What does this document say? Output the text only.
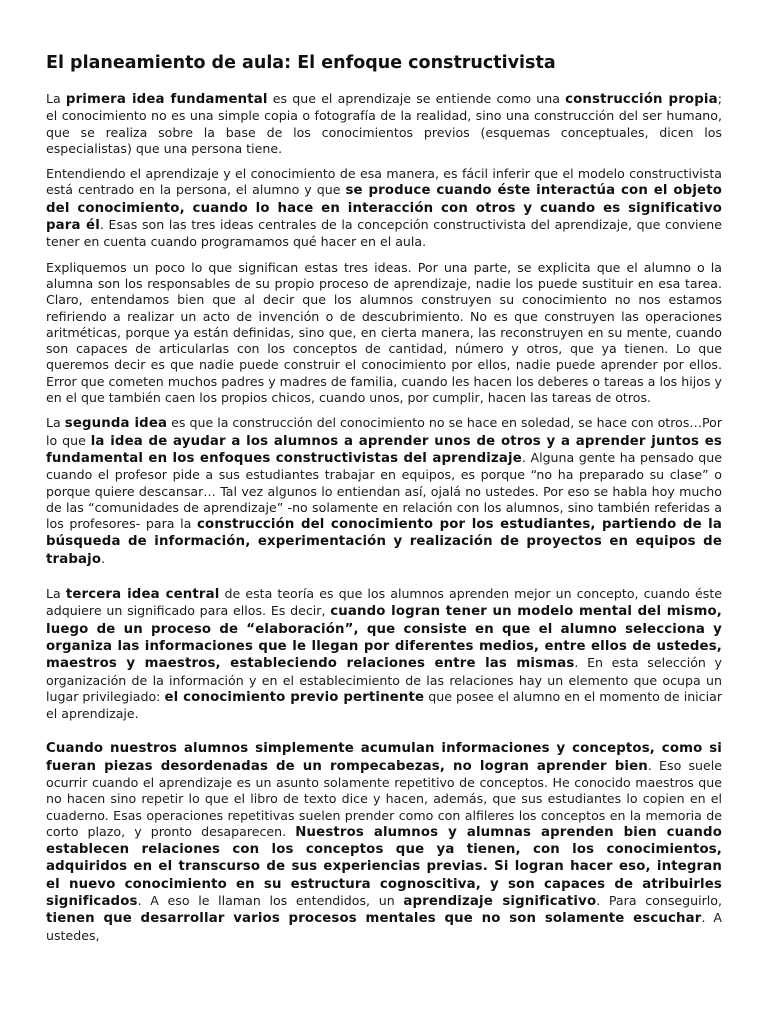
El planeamiento de aula: El enfoque constructivista

La primera idea fundamental es que el aprendizaje se entiende como una construcción propia; el conocimiento no es una simple copia o fotografía de la realidad, sino una construcción del ser humano, que se realiza sobre la base de los conocimientos previos (esquemas conceptuales, dicen los especialistas) que una persona tiene.

Entendiendo el aprendizaje y el conocimiento de esa manera, es fácil inferir que el modelo constructivista está centrado en la persona, el alumno y que se produce cuando éste interactúa con el objeto del conocimiento, cuando lo hace en interacción con otros y cuando es significativo para él. Esas son las tres ideas centrales de la concepción constructivista del aprendizaje, que conviene tener en cuenta cuando programamos qué hacer en el aula.

Expliquemos un poco lo que significan estas tres ideas. Por una parte, se explicita que el alumno o la alumna son los responsables de su propio proceso de aprendizaje, nadie los puede sustituir en esa tarea. Claro, entendamos bien que al decir que los alumnos construyen su conocimiento no nos estamos refiriendo a realizar un acto de invención o de descubrimiento. No es que construyen las operaciones aritméticas, porque ya están definidas, sino que, en cierta manera, las reconstruyen en su mente, cuando son capaces de articularlas con los conceptos de cantidad, número y otros, que ya tienen. Lo que queremos decir es que nadie puede construir el conocimiento por ellos, nadie puede aprender por ellos. Error que cometen muchos padres y madres de familia, cuando les hacen los deberes o tareas a los hijos y en el que también caen los propios chicos, cuando unos, por cumplir, hacen las tareas de otros.

La segunda idea es que la construcción del conocimiento no se hace en soledad, se hace con otros…Por lo que la idea de ayudar a los alumnos a aprender unos de otros y a aprender juntos es fundamental en los enfoques constructivistas del aprendizaje. Alguna gente ha pensado que cuando el profesor pide a sus estudiantes trabajar en equipos, es porque “no ha preparado su clase” o porque quiere descansar… Tal vez algunos lo entiendan así, ojalá no ustedes. Por eso se habla hoy mucho de las “comunidades de aprendizaje” -no solamente en relación con los alumnos, sino también referidas a los profesores- para la construcción del conocimiento por los estudiantes, partiendo de la búsqueda de información, experimentación y realización de proyectos en equipos de trabajo.

La tercera idea central de esta teoría es que los alumnos aprenden mejor un concepto, cuando éste adquiere un significado para ellos. Es decir, cuando logran tener un modelo mental del mismo, luego de un proceso de “elaboración”, que consiste en que el alumno selecciona y organiza las informaciones que le llegan por diferentes medios, entre ellos de ustedes, maestros y maestros, estableciendo relaciones entre las mismas. En esta selección y organización de la información y en el establecimiento de las relaciones hay un elemento que ocupa un lugar privilegiado: el conocimiento previo pertinente que posee el alumno en el momento de iniciar el aprendizaje.

Cuando nuestros alumnos simplemente acumulan informaciones y conceptos, como si fueran piezas desordenadas de un rompecabezas, no logran aprender bien. Eso suele ocurrir cuando el aprendizaje es un asunto solamente repetitivo de conceptos. He conocido maestros que no hacen sino repetir lo que el libro de texto dice y hacen, además, que sus estudiantes lo copien en el cuaderno. Esas operaciones repetitivas suelen prender como con alfileres los conceptos en la memoria de corto plazo, y pronto desaparecen. Nuestros alumnos y alumnas aprenden bien cuando establecen relaciones con los conceptos que ya tienen, con los conocimientos, adquiridos en el transcurso de sus experiencias previas. Si logran hacer eso, integran el nuevo conocimiento en su estructura cognoscitiva, y son capaces de atribuirles significados. A eso le llaman los entendidos, un aprendizaje significativo. Para conseguirlo, tienen que desarrollar varios procesos mentales que no son solamente escuchar. A ustedes,
